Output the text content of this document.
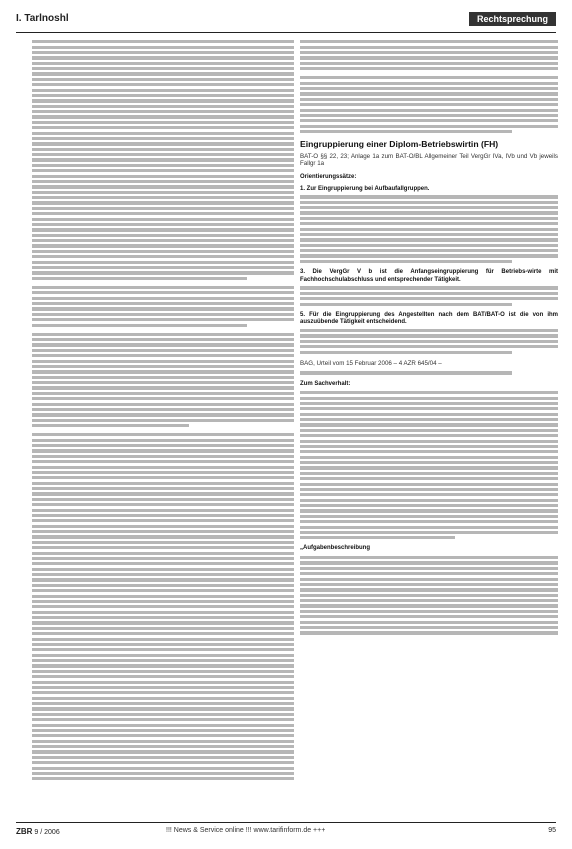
I. Tarlnoshl	Rechtsprechung
Eingruppierung einer Diplom-Betriebswirtin (FH)
BAT-O §§ 22, 23; Anlage 1a zum BAT-O/BL Allgemeiner Teil VergGr IVa, IVb und Vb jeweils Fallgr 1a
Orientierungssätze:
1. Zur Eingruppierung bei Aufbaufallgruppen.
3. Die VergGr V b ist die Anfangseingruppierung für Betriebs-wirte mit Fachhochschulabschluss und entsprechender Tätigkeit.
5. Für die Eingruppierung des Angestellten nach dem BAT/BAT-O ist die von ihm auszuübende Tätigkeit entscheidend.
BAG, Urteil vom 15 Februar 2006 – 4 AZR 645/04 –
Zum Sachverhalt:
„Aufgabenbeschreibung
ZBR 9 / 2006	!!! News & Service online !!! www.tarifinform.de +++	95
